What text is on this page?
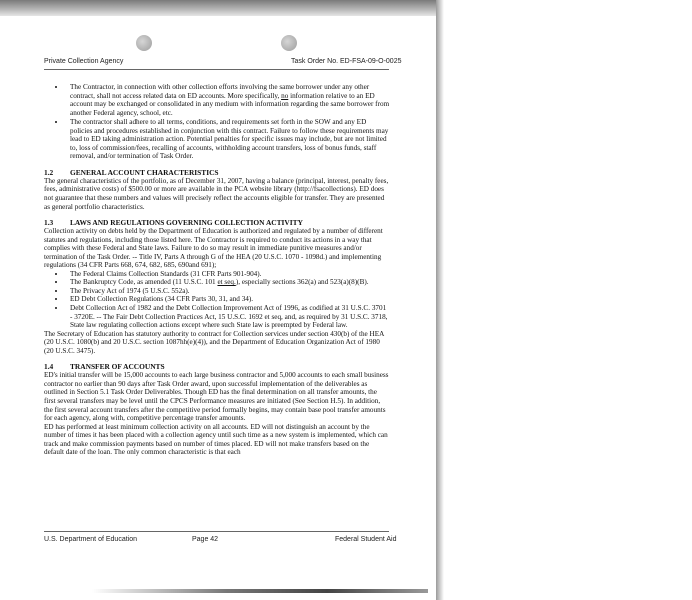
Private Collection Agency	Task Order No. ED-FSA-09-O-0025
• The Contractor, in connection with other collection efforts involving the same borrower under any other contract, shall not access related data on ED accounts. More specifically, no information relative to an ED account may be exchanged or consolidated in any medium with information regarding the same borrower from another Federal agency, school, etc.
• The contractor shall adhere to all terms, conditions, and requirements set forth in the SOW and any ED policies and procedures established in conjunction with this contract. Failure to follow these requirements may lead to ED taking administration action. Potential penalties for specific issues may include, but are not limited to, loss of commission/fees, recalling of accounts, withholding account transfers, loss of bonus funds, staff removal, and/or termination of Task Order.
1.2 GENERAL ACCOUNT CHARACTERISTICS

The general characteristics of the portfolio, as of December 31, 2007, having a balance (principal, interest, penalty fees, fees, administrative costs) of $500.00 or more are available in the PCA website library (http://fsacollections). ED does not guarantee that these numbers and values will precisely reflect the accounts eligible for transfer. They are presented as general portfolio characteristics.

1.3 LAWS AND REGULATIONS GOVERNING COLLECTION ACTIVITY

Collection activity on debts held by the Department of Education is authorized and regulated by a number of different statutes and regulations, including those listed here. The Contractor is required to conduct its actions in a way that complies with these Federal and State laws. Failure to do so may result in immediate punitive measures and/or termination of the Task Order. -- Title IV, Parts A through G of the HEA (20 U.S.C. 1070 - 1098d.) and implementing regulations (34 CFR Parts 668, 674, 682, 685, 690and 691);

• The Federal Claims Collection Standards (31 CFR Parts 901-904).
• The Bankruptcy Code, as amended (11 U.S.C. 101 et seq.), especially sections 362(a) and 523(a)(8)(B).
• The Privacy Act of 1974 (5 U.S.C. 552a).
• ED Debt Collection Regulations (34 CFR Parts 30, 31, and 34).
• Debt Collection Act of 1982 and the Debt Collection Improvement Act of 1996, as codified at 31 U.S.C. 3701 - 3720E. -- The Fair Debt Collection Practices Act, 15 U.S.C. 1692 et seq, and, as required by 31 U.S.C. 3718, State law regulating collection actions except where such State law is preempted by Federal law.

The Secretary of Education has statutory authority to contract for Collection services under section 430(b) of the HEA (20 U.S.C. 1080(b) and 20 U.S.C. section 1087hh(e)(4)), and the Department of Education Organization Act of 1980 (20 U.S.C. 3475).

1.4 TRANSFER OF ACCOUNTS

ED's initial transfer will be 15,000 accounts to each large business contractor and 5,000 accounts to each small business contractor no earlier than 90 days after Task Order award, upon successful implementation of the deliverables as outlined in Section 5.1 Task Order Deliverables. Though ED has the final determination on all transfer amounts, the first several transfers may be level until the CPCS Performance measures are initiated (See Section H.5). In addition, the first several account transfers after the competitive period formally begins, may contain base pool transfer amounts for each agency, along with, competitive percentage transfer amounts.

ED has performed at least minimum collection activity on all accounts. ED will not distinguish an account by the number of times it has been placed with a collection agency until such time as a new system is implemented, which can track and make commission payments based on number of times placed. ED will not make transfers based on the default date of the loan. The only common characteristic is that each

U.S. Department of Education	Page 42	Federal Student Aid
